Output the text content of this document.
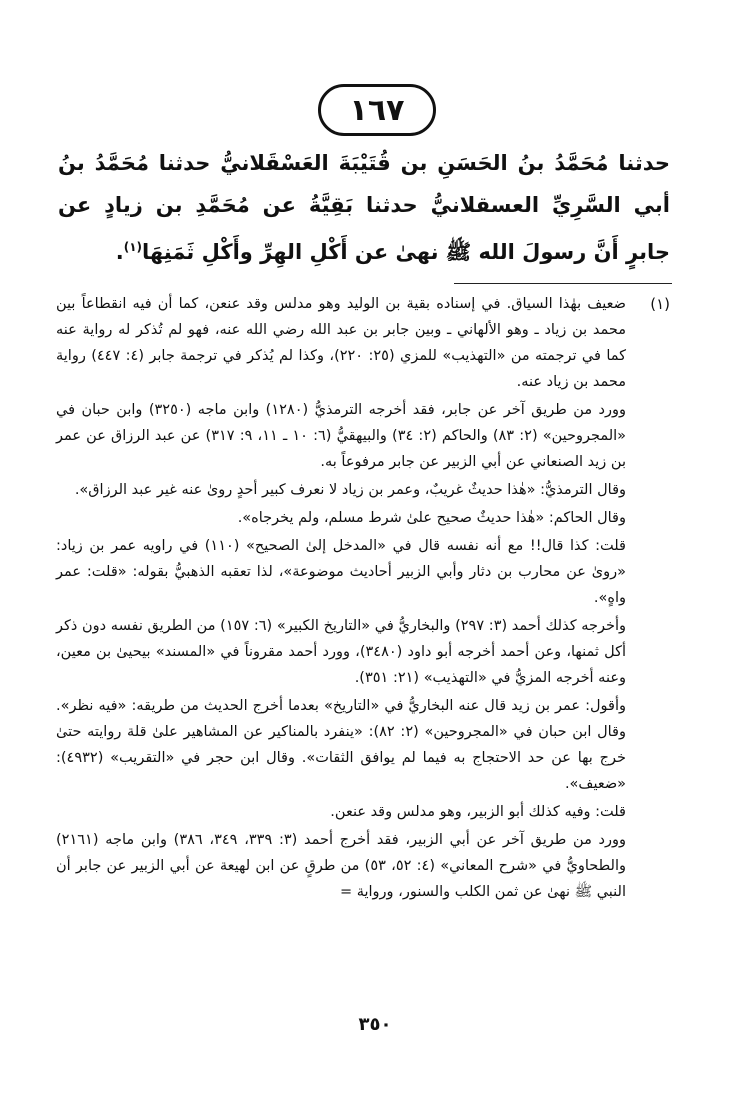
١٦٧
حدثنا مُحَمَّدُ بنُ الحَسَنِ بن قُتَيْبَةَ العَسْقَلانيُّ حدثنا مُحَمَّدُ بنُ أبي السَّرِيِّ العسقلانيُّ حدثنا بَقِيَّةُ عن مُحَمَّدِ بن زيادٍ عن جابرٍ أَنَّ رسولَ الله ﷺ نهىٰ عن أَكْلِ الهِرِّ وأَكْلِ ثَمَنِهَا$^{(١)}$.
(١)

ضعيف بهٰذا السياق. في إسناده بقية بن الوليد وهو مدلس وقد عنعن، كما أن فيه انقطاعاً بين محمد بن زياد ـ وهو الألهاني ـ وبين جابر بن عبد الله رضي الله عنه، فهو لم تُذكر له رواية عنه كما في ترجمته من «التهذيب» للمزي (٢٥: ٢٢٠)، وكذا لم يُذكر في ترجمة جابر (٤: ٤٤٧) رواية محمد بن زياد عنه.

وورد من طريق آخر عن جابر، فقد أخرجه الترمذيُّ (١٢٨٠) وابن ماجه (٣٢٥٠) وابن حبان في «المجروحين» (٢: ٨٣) والحاكم (٢: ٣٤) والبيهقيُّ (٦: ١٠ ـ ١١، ٩: ٣١٧) عن عبد الرزاق عن عمر بن زيد الصنعاني عن أبي الزبير عن جابر مرفوعاً به.

وقال الترمذيُّ: «هٰذا حديثٌ غريبٌ، وعمر بن زياد لا نعرف كبير أحدٍ روىٰ عنه غير عبد الرزاق».

وقال الحاكم: «هٰذا حديثٌ صحيح علىٰ شرط مسلم، ولم يخرجاه».

قلت: كذا قال!! مع أنه نفسه قال في «المدخل إلىٰ الصحيح» (١١٠) في راويه عمر بن زياد: «روىٰ عن محارب بن دثار وأبي الزبير أحاديث موضوعة»، لذا تعقبه الذهبيُّ بقوله: «قلت: عمر واهٍ».

وأخرجه كذلك أحمد (٣: ٢٩٧) والبخاريُّ في «التاريخ الكبير» (٦: ١٥٧) من الطريق نفسه دون ذكر أكل ثمنها، وعن أحمد أخرجه أبو داود (٣٤٨٠)، وورد أحمد مقروناً في «المسند» بيحيىٰ بن معين، وعنه أخرجه المزيُّ في «التهذيب» (٢١: ٣٥١).

وأقول: عمر بن زيد قال عنه البخاريُّ في «التاريخ» بعدما أخرج الحديث من طريقه: «فيه نظر». وقال ابن حبان في «المجروحين» (٢: ٨٢): «ينفرد بالمناكير عن المشاهير علىٰ قلة روايته حتىٰ خرج بها عن حد الاحتجاج به فيما لم يوافق الثقات». وقال ابن حجر في «التقريب» (٤٩٣٢): «ضعيف».

قلت: وفيه كذلك أبو الزبير، وهو مدلس وقد عنعن.

وورد من طريق آخر عن أبي الزبير، فقد أخرج أحمد (٣: ٣٣٩، ٣٤٩، ٣٨٦) وابن ماجه (٢١٦١) والطحاويُّ في «شرح المعاني» (٤: ٥٢، ٥٣) من طرقٍ عن ابن لهيعة عن أبي الزبير عن جابر أن النبي ﷺ نهىٰ عن ثمن الكلب والسنور، ورواية =

٣٥٠
